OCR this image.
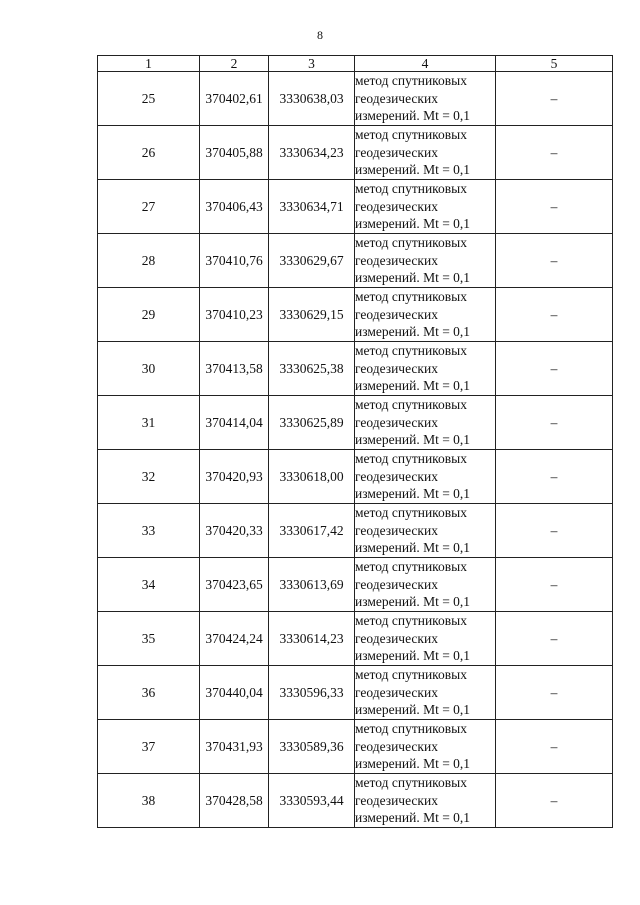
8
1	2	3	4	5
25	370402,61	3330638,03	метод спутниковых
геодезических
измерений. Mt = 0,1	–
26	370405,88	3330634,23	метод спутниковых
геодезических
измерений. Mt = 0,1	–
27	370406,43	3330634,71	метод спутниковых
геодезических
измерений. Mt = 0,1	–
28	370410,76	3330629,67	метод спутниковых
геодезических
измерений. Mt = 0,1	–
29	370410,23	3330629,15	метод спутниковых
геодезических
измерений. Mt = 0,1	–
30	370413,58	3330625,38	метод спутниковых
геодезических
измерений. Mt = 0,1	–
31	370414,04	3330625,89	метод спутниковых
геодезических
измерений. Mt = 0,1	–
32	370420,93	3330618,00	метод спутниковых
геодезических
измерений. Mt = 0,1	–
33	370420,33	3330617,42	метод спутниковых
геодезических
измерений. Mt = 0,1	–
34	370423,65	3330613,69	метод спутниковых
геодезических
измерений. Mt = 0,1	–
35	370424,24	3330614,23	метод спутниковых
геодезических
измерений. Mt = 0,1	–
36	370440,04	3330596,33	метод спутниковых
геодезических
измерений. Mt = 0,1	–
37	370431,93	3330589,36	метод спутниковых
геодезических
измерений. Mt = 0,1	–
38	370428,58	3330593,44	метод спутниковых
геодезических
измерений. Mt = 0,1	–
